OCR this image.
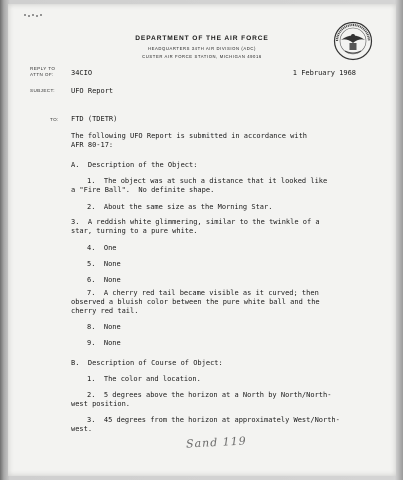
DEPARTMENT OF THE AIR FORCE
HEADQUARTERS 34TH AIR DIVISION (ADC)
CUSTER AIR FORCE STATION, MICHIGAN 49016
REPLY TO
ATTN OF:
SUBJECT:
TO:
34CIO	1 February 1968
UFO Report
FTD (TDETR)
The following UFO Report is submitted in accordance with
AFR 80-17:
A.  Description of the Object:
1.  The object was at such a distance that it looked like
a "Fire Ball".  No definite shape.
2.  About the same size as the Morning Star.
3.  A reddish white glimmering, similar to the twinkle of a
star, turning to a pure white.
4.  One
5.  None
6.  None
7.  A cherry red tail became visible as it curved; then
observed a bluish color between the pure white ball and the
cherry red tail.
8.  None
9.  None
B.  Description of Course of Object:
1.  The color and location.
2.  5 degrees above the horizon at a North by North/North-
west position.
3.  45 degrees from the horizon at approximately West/North-
west.
Sand 119
